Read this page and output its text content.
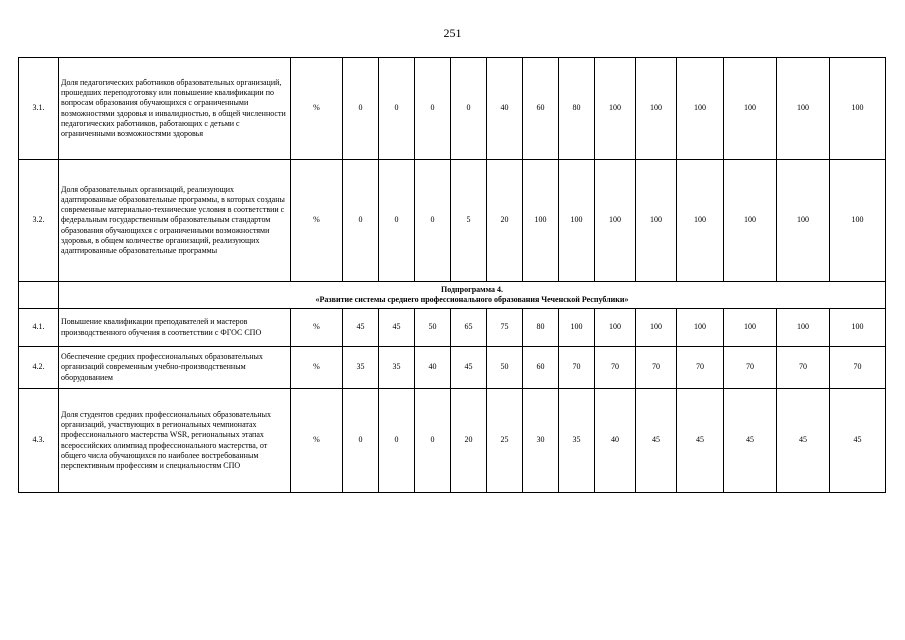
251
3.1.	Доля педагогических работников образовательных организаций, прошедших переподготовку или повышение квалификации по вопросам образования обучающихся с ограниченными возможностями здоровья и инвалидностью, в общей численности педагогических работников, работающих с детьми с ограниченными возможностями здоровья	%	0	0	0	0	40	60	80	100	100	100	100	100	100
3.2.	Доля образовательных организаций, реализующих адаптированные образовательные программы, в которых созданы современные материально-технические условия в соответствии с федеральным государственным образовательным стандартом образования обучающихся с ограниченными возможностями здоровья, в общем количестве организаций, реализующих адаптированные образовательные программы	%	0	0	0	5	20	100	100	100	100	100	100	100	100

	Подпрограмма 4.
«Развитие системы среднего профессионального образования Чеченской Республики»														

4.1.	Повышение квалификации преподавателей и мастеров производственного обучения в соответствии с ФГОС СПО	%	45	45	50	65	75	80	100	100	100	100	100	100	100
4.2.	Обеспечение средних профессиональных образовательных организаций современным учебно-производственным оборудованием	%	35	35	40	45	50	60	70	70	70	70	70	70	70
4.3.	Доля студентов средних профессиональных образовательных организаций, участвующих в региональных чемпионатах профессионального мастерства WSR, региональных этапах всероссийских олимпиад профессионального мастерства, от общего числа обучающихся по наиболее востребованным перспективным профессиям и специальностям СПО	%	0	0	0	20	25	30	35	40	45	45	45	45	45
